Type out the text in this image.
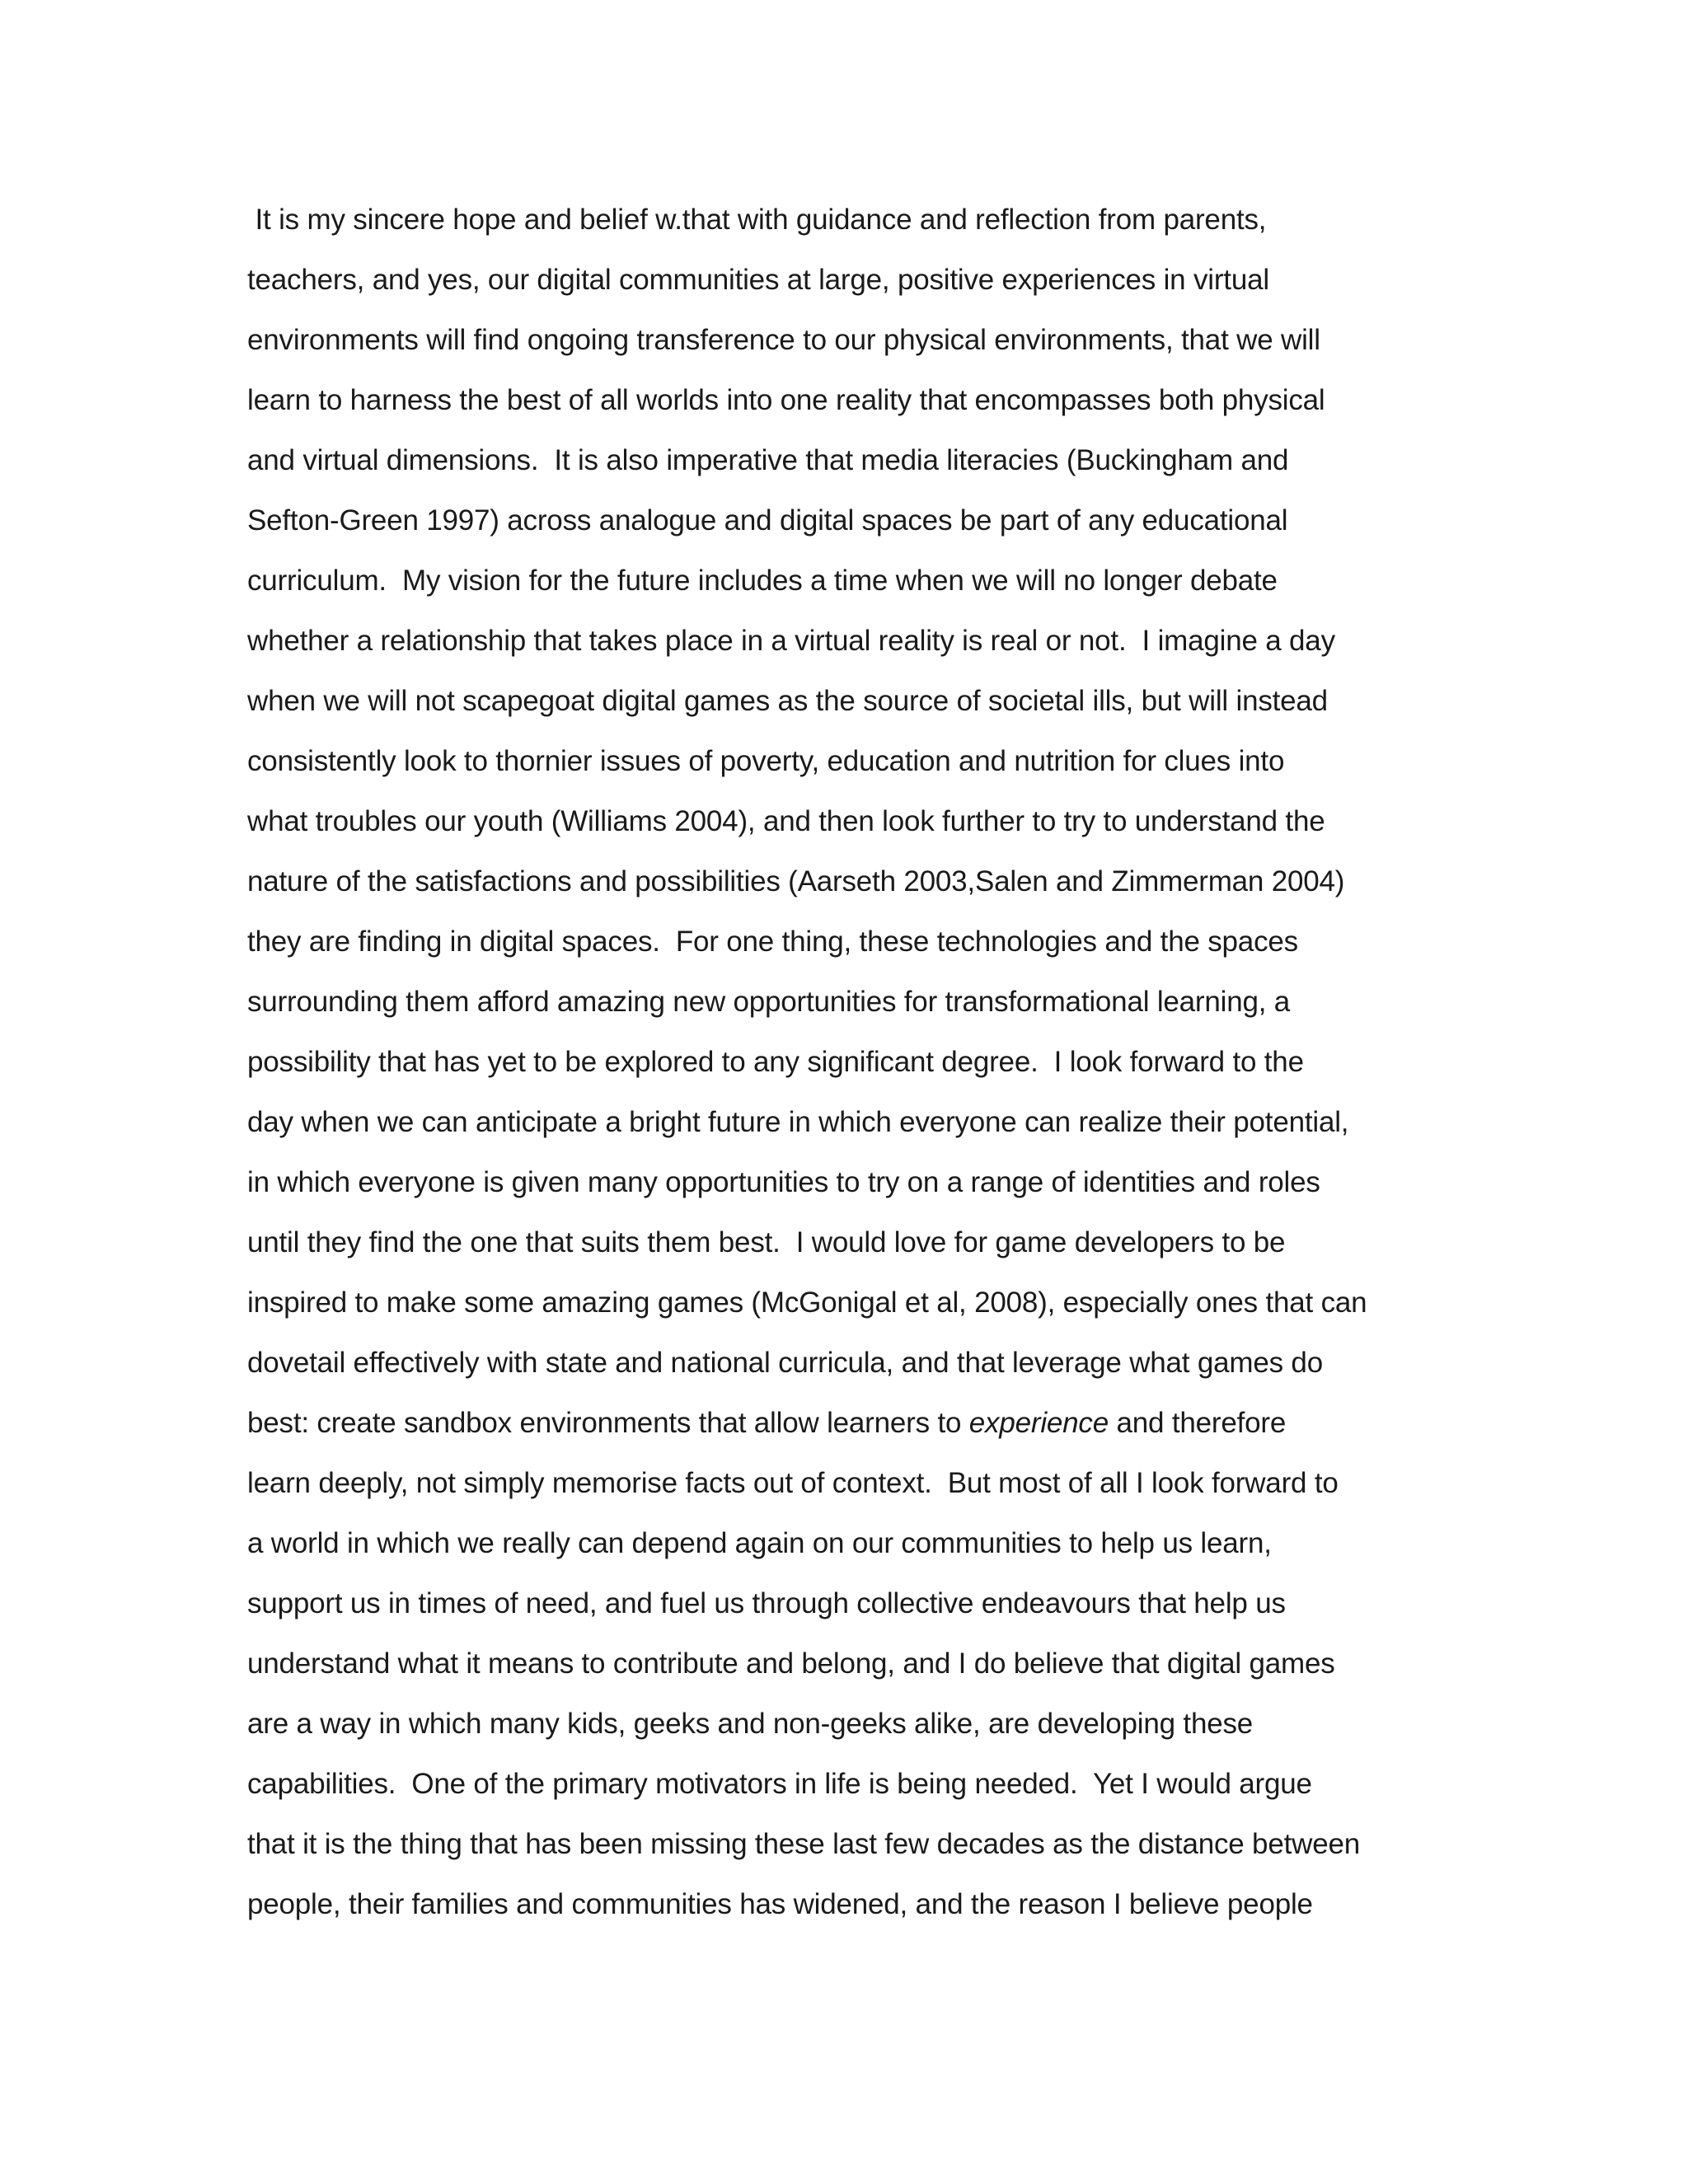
It is my sincere hope and belief w.that with guidance and reflection from parents,
teachers, and yes, our digital communities at large, positive experiences in virtual
environments will find ongoing transference to our physical environments, that we will
learn to harness the best of all worlds into one reality that encompasses both physical
and virtual dimensions.  It is also imperative that media literacies (Buckingham and
Sefton-Green 1997) across analogue and digital spaces be part of any educational
curriculum.  My vision for the future includes a time when we will no longer debate
whether a relationship that takes place in a virtual reality is real or not.  I imagine a day
when we will not scapegoat digital games as the source of societal ills, but will instead
consistently look to thornier issues of poverty, education and nutrition for clues into
what troubles our youth (Williams 2004), and then look further to try to understand the
nature of the satisfactions and possibilities (Aarseth 2003,Salen and Zimmerman 2004)
they are finding in digital spaces.  For one thing, these technologies and the spaces
surrounding them afford amazing new opportunities for transformational learning, a
possibility that has yet to be explored to any significant degree.  I look forward to the
day when we can anticipate a bright future in which everyone can realize their potential,
in which everyone is given many opportunities to try on a range of identities and roles
until they find the one that suits them best.  I would love for game developers to be
inspired to make some amazing games (McGonigal et al, 2008), especially ones that can
dovetail effectively with state and national curricula, and that leverage what games do
best: create sandbox environments that allow learners to experience and therefore
learn deeply, not simply memorise facts out of context.  But most of all I look forward to
a world in which we really can depend again on our communities to help us learn,
support us in times of need, and fuel us through collective endeavours that help us
understand what it means to contribute and belong, and I do believe that digital games
are a way in which many kids, geeks and non-geeks alike, are developing these
capabilities.  One of the primary motivators in life is being needed.  Yet I would argue
that it is the thing that has been missing these last few decades as the distance between
people, their families and communities has widened, and the reason I believe people
